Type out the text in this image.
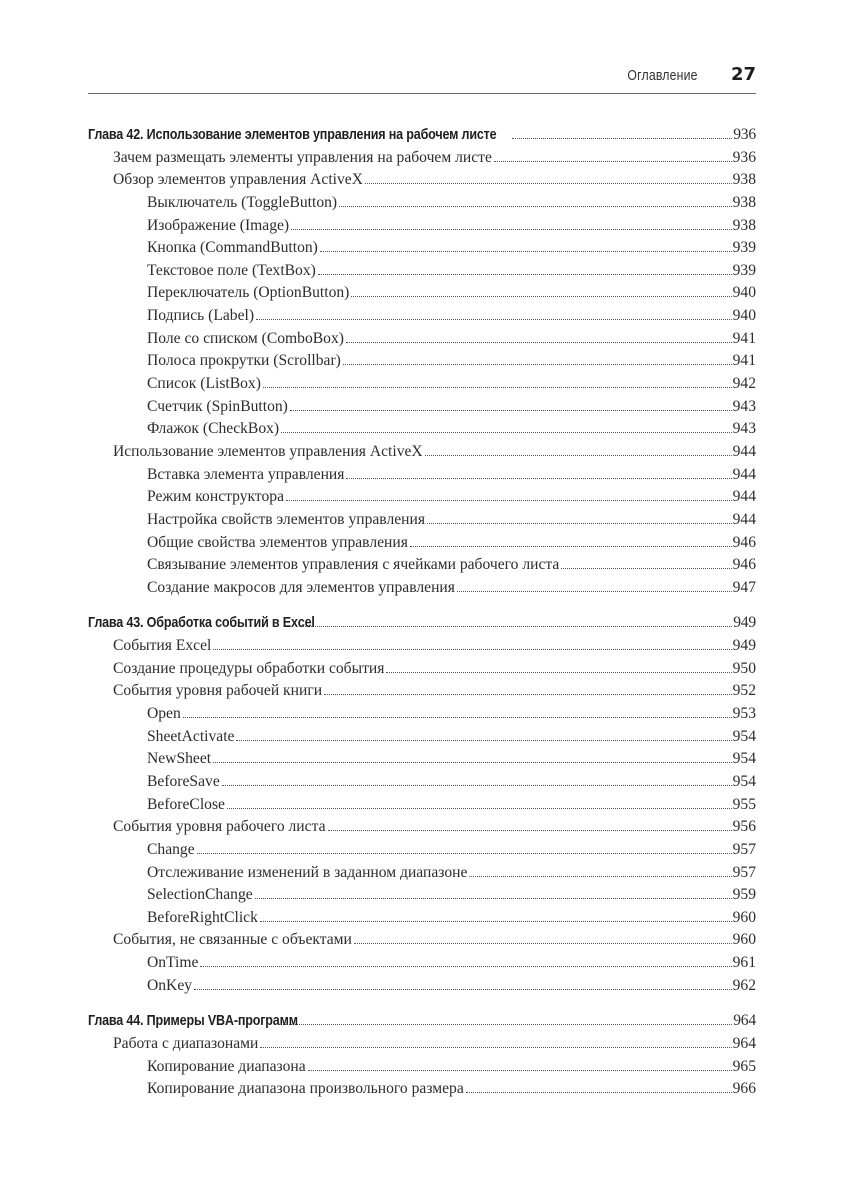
Оглавление 27
Глава 42. Использование элементов управления на рабочем листе	936
Зачем размещать элементы управления на рабочем листе	936
Обзор элементов управления ActiveX	938
Выключатель (ToggleButton)	938
Изображение (Image)	938
Кнопка (CommandButton)	939
Текстовое поле (TextBox)	939
Переключатель (OptionButton)	940
Подпись (Label)	940
Поле со списком (ComboBox)	941
Полоса прокрутки (Scrollbar)	941
Список (ListBox)	942
Счетчик (SpinButton)	943
Флажок (CheckBox)	943
Использование элементов управления ActiveX	944
Вставка элемента управления	944
Режим конструктора	944
Настройка свойств элементов управления	944
Общие свойства элементов управления	946
Связывание элементов управления с ячейками рабочего листа	946
Создание макросов для элементов управления	947
Глава 43. Обработка событий в Excel	949
События Excel	949
Создание процедуры обработки события	950
События уровня рабочей книги	952
Open	953
SheetActivate	954
NewSheet	954
BeforeSave	954
BeforeClose	955
События уровня рабочего листа	956
Change	957
Отслеживание изменений в заданном диапазоне	957
SelectionChange	959
BeforeRightClick	960
События, не связанные с объектами	960
OnTime	961
OnKey	962
Глава 44. Примеры VBA-программ	964
Работа с диапазонами	964
Копирование диапазона	965
Копирование диапазона произвольного размера	966
